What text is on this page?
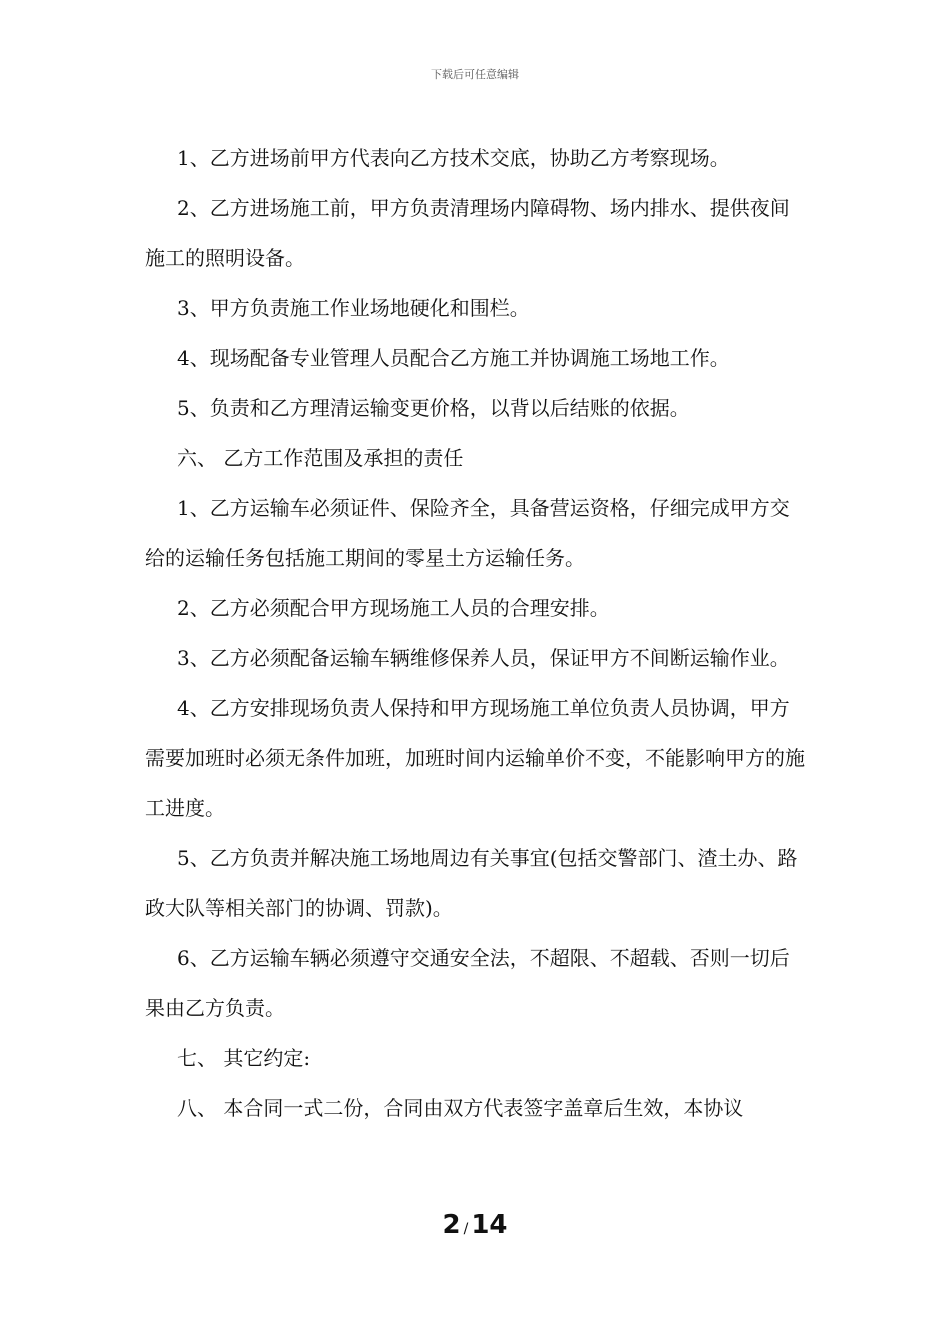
下载后可任意编辑

1、乙方进场前甲方代表向乙方技术交底，协助乙方考察现场。

2、乙方进场施工前，甲方负责清理场内障碍物、场内排水、提供夜间施工的照明设备。

3、甲方负责施工作业场地硬化和围栏。

4、现场配备专业管理人员配合乙方施工并协调施工场地工作。

5、负责和乙方理清运输变更价格，以背以后结账的依据。

六、 乙方工作范围及承担的责任

1、乙方运输车必须证件、保险齐全，具备营运资格，仔细完成甲方交给的运输任务包括施工期间的零星土方运输任务。

2、乙方必须配合甲方现场施工人员的合理安排。

3、乙方必须配备运输车辆维修保养人员，保证甲方不间断运输作业。

4、乙方安排现场负责人保持和甲方现场施工单位负责人员协调，甲方需要加班时必须无条件加班，加班时间内运输单价不变，不能影响甲方的施工进度。

5、乙方负责并解决施工场地周边有关事宜(包括交警部门、渣土办、路政大队等相关部门的协调、罚款)。

6、乙方运输车辆必须遵守交通安全法，不超限、不超载、否则一切后果由乙方负责。

七、 其它约定:

八、 本合同一式二份，合同由双方代表签字盖章后生效，本协议

2 / 14
